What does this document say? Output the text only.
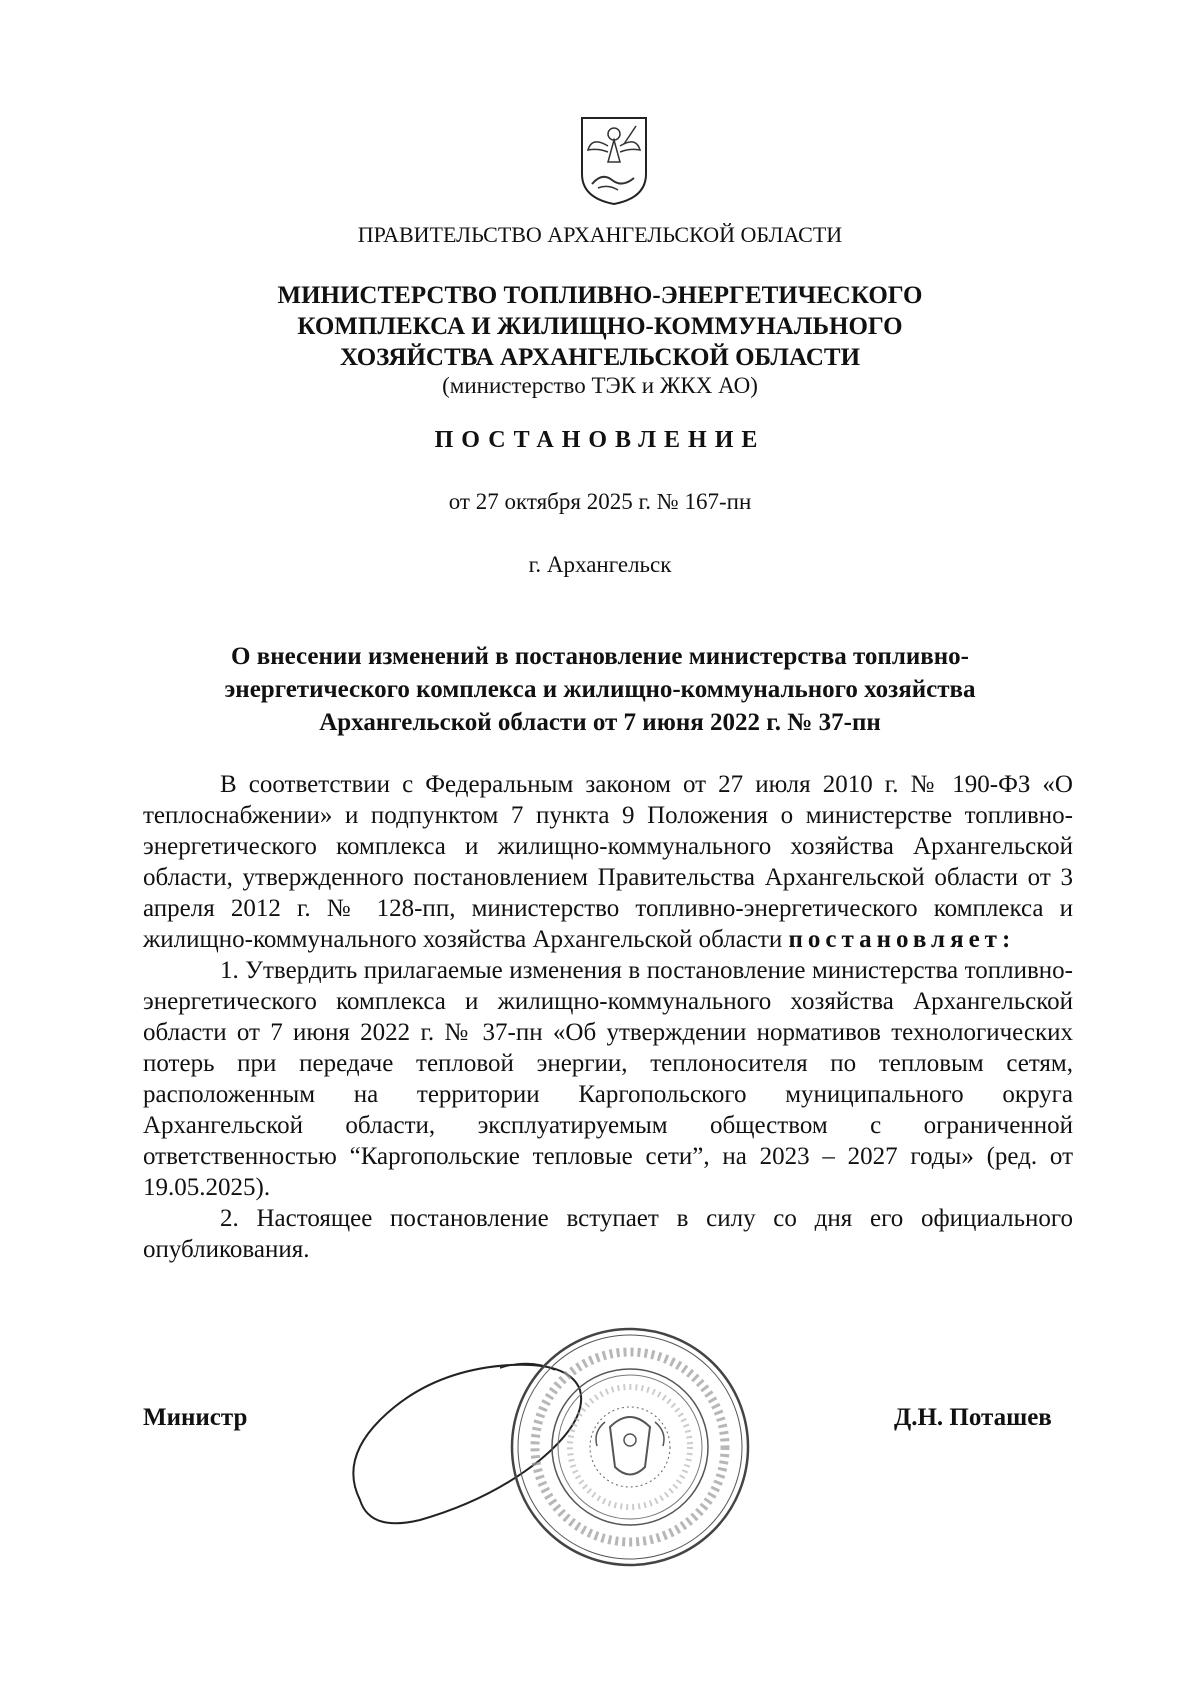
ПРАВИТЕЛЬСТВО АРХАНГЕЛЬСКОЙ ОБЛАСТИ
МИНИСТЕРСТВО ТОПЛИВНО-ЭНЕРГЕТИЧЕСКОГО
КОМПЛЕКСА И ЖИЛИЩНО-КОММУНАЛЬНОГО
ХОЗЯЙСТВА АРХАНГЕЛЬСКОЙ ОБЛАСТИ
(министерство ТЭК и ЖКХ АО)
ПОСТАНОВЛЕНИЕ
от 27 октября 2025 г. № 167-пн
г. Архангельск
О внесении изменений в постановление министерства топливно-
энергетического комплекса и жилищно-коммунального хозяйства
Архангельской области от 7 июня 2022 г. № 37-пн

В соответствии с Федеральным законом от 27 июля 2010 г. № 190-ФЗ «О теплоснабжении» и подпунктом 7 пункта 9 Положения о министерстве топливно-энергетического комплекса и жилищно-коммунального хозяйства Архангельской области, утвержденного постановлением Правительства Архангельской области от 3 апреля 2012 г. № 128-пп, министерство топливно-энергетического комплекса и жилищно-коммунального хозяйства Архангельской области постановляет:

1. Утвердить прилагаемые изменения в постановление министерства топливно-энергетического комплекса и жилищно-коммунального хозяйства Архангельской области от 7 июня 2022 г. № 37-пн «Об утверждении нормативов технологических потерь при передаче тепловой энергии, теплоносителя по тепловым сетям, расположенным на территории Каргопольского муниципального округа Архангельской области, эксплуатируемым обществом с ограниченной ответственностью “Каргопольские тепловые сети”, на 2023 – 2027 годы» (ред. от 19.05.2025).

2. Настоящее постановление вступает в силу со дня его официального опубликования.

Министр	Д.Н. Поташев
